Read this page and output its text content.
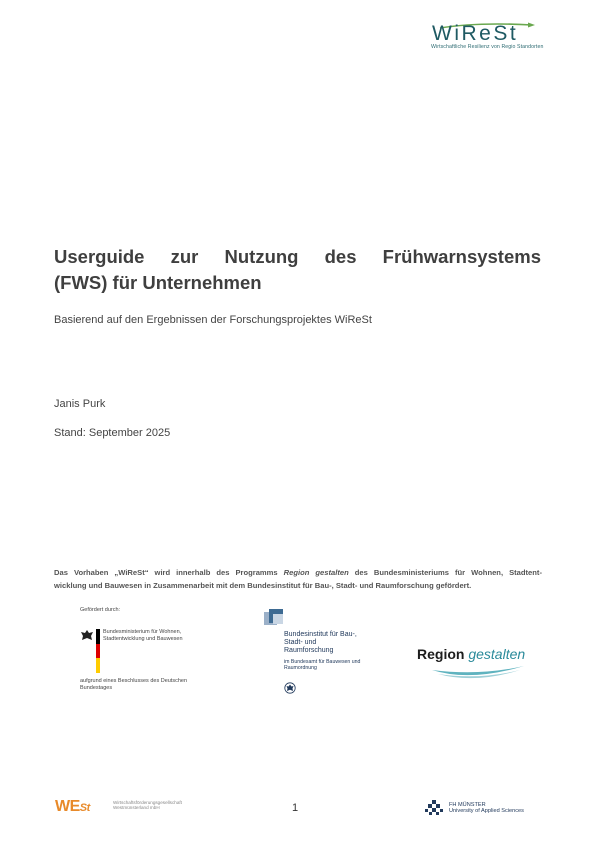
WiReSt
Wirtschaftliche Resilienz von Regio Standorten
Userguide zur Nutzung des Frühwarnsystems
(FWS) für Unternehmen
Basierend auf den Ergebnissen der Forschungsprojektes WiReSt
Janis Purk
Stand: September 2025
Das Vorhaben „WiReSt“ wird innerhalb des Programms Region gestalten des Bundesministeriums für Wohnen, Stadtent-
wicklung und Bauwesen in Zusammenarbeit mit dem Bundesinstitut für Bau-, Stadt- und Raumforschung gefördert.
Gefördert durch:
Bundesministerium für Wohnen, Stadtentwicklung und Bauwesen
aufgrund eines Beschlusses des Deutschen Bundestages
Bundesinstitut für Bau-, Stadt- und Raumforschung
im Bundesamt für Bauwesen und Raumordnung
Region gestalten
WESt	Wirtschaftsförderungsgesellschaft Westmünsterland mbH	1	FH MÜNSTER
University of Applied Sciences
